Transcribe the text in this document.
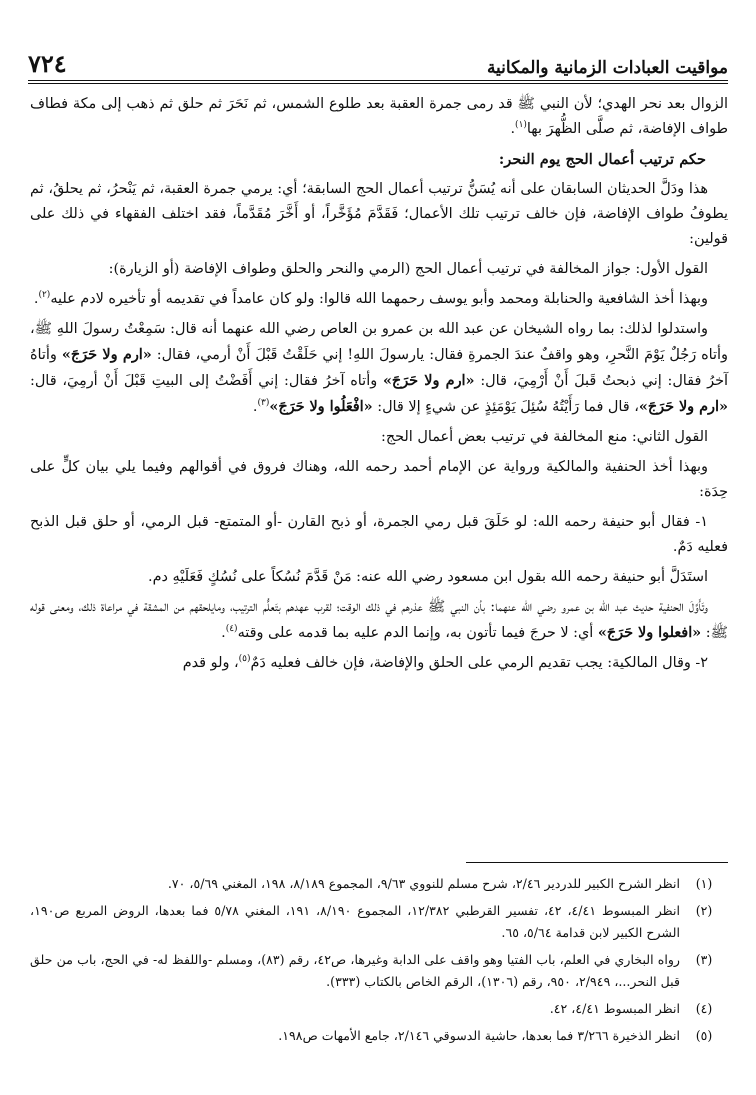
مواقيت العبادات الزمانية والمكانية
٧٢٤

الزوال بعد نحر الهدي؛ لأن النبي ﷺ قد رمى جمرة العقبة بعد طلوع الشمس، ثم نَحَرَ ثم حلق ثم ذهب إلى مكة فطاف طواف الإفاضة، ثم صلَّى الظُّهرَ بها$^{(١)}$.

حكم ترتيب أعمال الحج يوم النحر:

هذا ودَلَّ الحديثان السابقان على أنه يُسَنُّ ترتيب أعمال الحج السابقة؛ أي: يرمي جمرة العقبة، ثم يَنْحرُ، ثم يحلقُ، ثم يطوفُ طواف الإفاضة، فإن خالف ترتيب تلك الأعمال؛ فَقَدَّمَ مُؤَخَّراً، أو أَخَّرَ مُقَدَّماً، فقد اختلف الفقهاء في ذلك على قولين:

القول الأول: جواز المخالفة في ترتيب أعمال الحج (الرمي والنحر والحلق وطواف الإفاضة (أو الزيارة):

وبهذا أخذ الشافعية والحنابلة ومحمد وأبو يوسف رحمهما الله قالوا: ولو كان عامداً في تقديمه أو تأخيره لادم عليه$^{(٢)}$.

واستدلوا لذلك: بما رواه الشيخان عن عبد الله بن عمرو بن العاص رضي الله عنهما أنه قال: سَمِعْتُ رسولَ اللهِ ﷺ، وأتاه رَجُلٌ يَوْمَ النَّحرِ، وهو واقفٌ عندَ الجمرةِ فقال: يارسولَ اللهِ! إني حَلَقْتُ قَبْلَ أَنْ أرمي، فقال: «ارم ولا حَرَجَ» وأتاهُ آخرُ فقال: إني ذبحتُ قَبلَ أَنْ أَرْمِيَ، قال: «ارم ولا حَرَجَ» وأتاه آخرُ فقال: إني أَفَضْتُ إلى البيتِ قَبْلَ أَنْ أرمِيَ، قال: «ارم ولا حَرَجَ»، قال فما رَأَيْتُهُ سُئِلَ يَوْمَئِذٍ عن شيءٍ إلا قال: «افْعَلُوا ولا حَرَجَ»$^{(٣)}$.

القول الثاني: منع المخالفة في ترتيب بعض أعمال الحج:

وبهذا أخذ الحنفية والمالكية ورواية عن الإمام أحمد رحمه الله، وهناك فروق في أقوالهم وفيما يلي بيان كلٍّ على حِدَة:

١- فقال أبو حنيفة رحمه الله: لو حَلَقَ قبل رمي الجمرة، أو ذبح القارن -أو المتمتع- قبل الرمي، أو حلق قبل الذبح فعليه دَمٌ.

استَدَلَّ أبو حنيفة رحمه الله بقول ابن مسعود رضي الله عنه: مَنْ قَدَّمَ نُسُكاً على نُسُكٍ فَعَلَيْهِ دم.

وتَأَوَّلَ الحنفية حديث عبد الله بن عمرو رضي الله عنهما: بأن النبي ﷺ عذرهم في ذلك الوقت؛ لقرب عهدهم بتَعلُّم الترتيب، ومايلحقهم من المشقة في مراعاة ذلك، ومعنى قوله ﷺ: «افعلوا ولا حَرَجَ» أي: لا حرجَ فيما تأتون به، وإنما الدم عليه بما قدمه على وقته$^{(٤)}$.

٢- وقال المالكية: يجب تقديم الرمي على الحلق والإفاضة، فإن خالف فعليه دَمٌ$^{(٥)}$، ولو قدم

(١)
انظر الشرح الكبير للدردير ٢/٤٦، شرح مسلم للنووي ٩/٦٣، المجموع ٨/١٨٩، ١٩٨، المغني ٥/٦٩، ٧٠.
(٢)
انظر المبسوط ٤/٤١، ٤٢، تفسير القرطبي ١٢/٣٨٢، المجموع ٨/١٩٠، ١٩١، المغني ٥/٧٨ فما بعدها، الروض المربع ص١٩٠، الشرح الكبير لابن قدامة ٥/٦٤، ٦٥.
(٣)
رواه البخاري في العلم، باب الفتيا وهو واقف على الدابة وغيرها، ص٤٢، رقم (٨٣)، ومسلم -واللفظ له- في الحج، باب من حلق قبل النحر...، ٢/٩٤٩، ٩٥٠، رقم (١٣٠٦)، الرقم الخاص بالكتاب (٣٣٣).
(٤)
انظر المبسوط ٤/٤١، ٤٢.
(٥)
انظر الذخيرة ٣/٢٦٦ فما بعدها، حاشية الدسوقي ٢/١٤٦، جامع الأمهات ص١٩٨.
